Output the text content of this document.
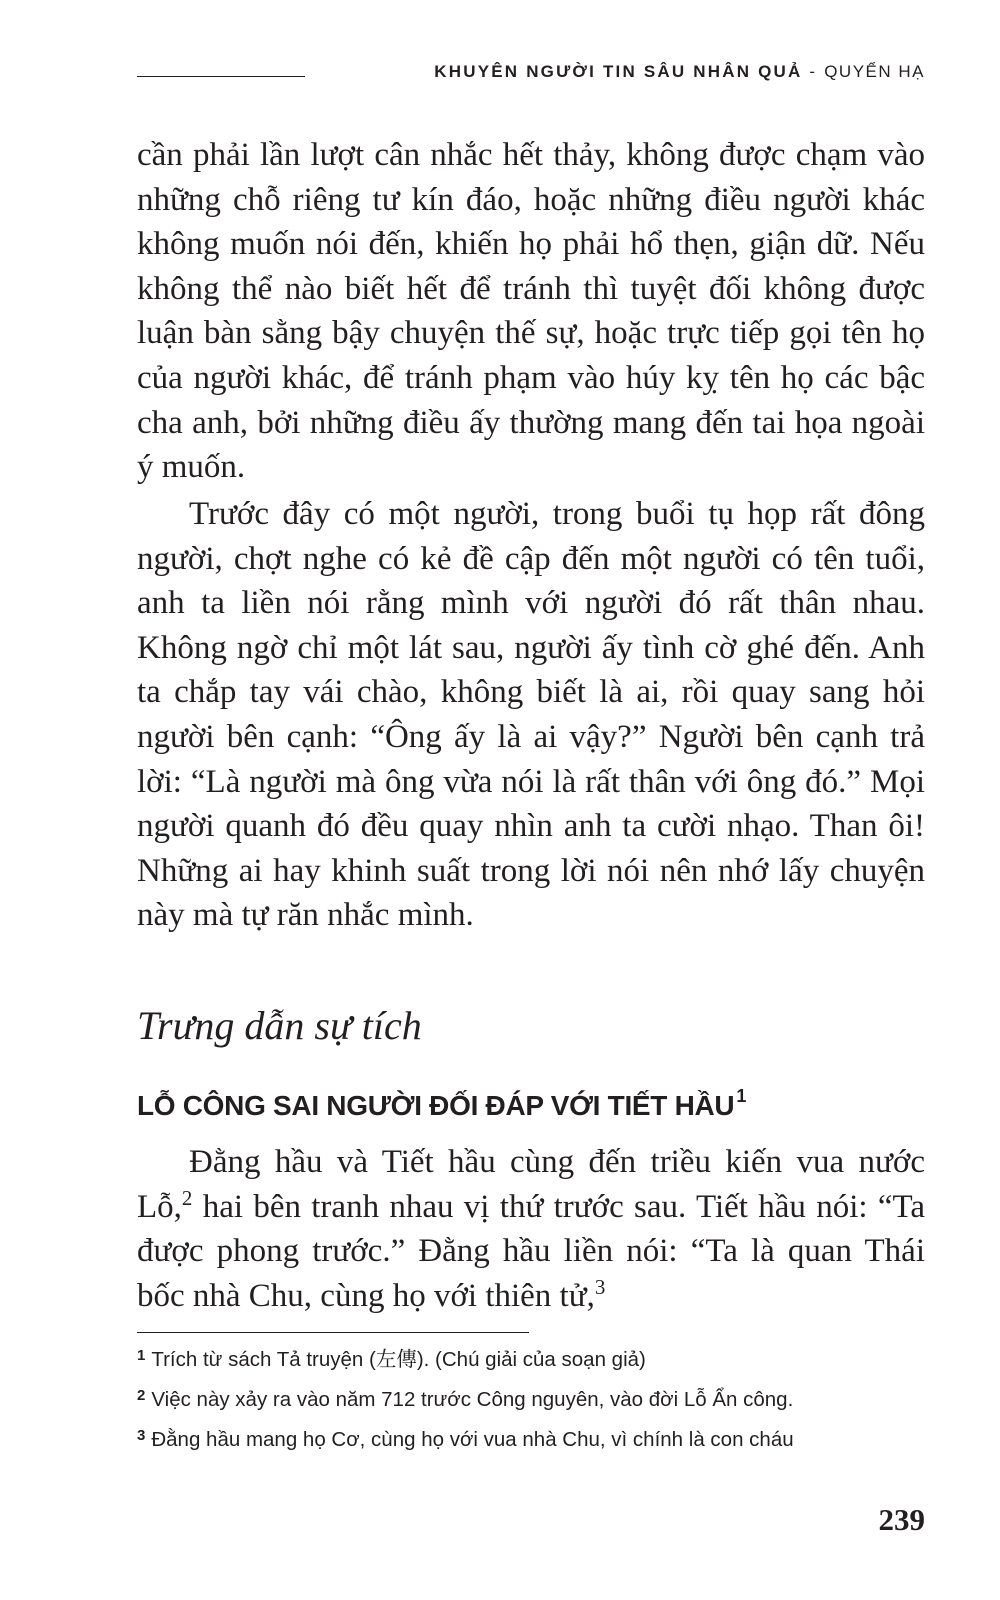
KHUYÊN NGƯỜI TIN SÂU NHÂN QUẢ - QUYỂN HẠ

cần phải lần lượt cân nhắc hết thảy, không được chạm vào những chỗ riêng tư kín đáo, hoặc những điều người khác không muốn nói đến, khiến họ phải hổ thẹn, giận dữ. Nếu không thể nào biết hết để tránh thì tuyệt đối không được luận bàn sằng bậy chuyện thế sự, hoặc trực tiếp gọi tên họ của người khác, để tránh phạm vào húy kỵ tên họ các bậc cha anh, bởi những điều ấy thường mang đến tai họa ngoài ý muốn.

Trước đây có một người, trong buổi tụ họp rất đông người, chợt nghe có kẻ đề cập đến một người có tên tuổi, anh ta liền nói rằng mình với người đó rất thân nhau. Không ngờ chỉ một lát sau, người ấy tình cờ ghé đến. Anh ta chắp tay vái chào, không biết là ai, rồi quay sang hỏi người bên cạnh: “Ông ấy là ai vậy?” Người bên cạnh trả lời: “Là người mà ông vừa nói là rất thân với ông đó.” Mọi người quanh đó đều quay nhìn anh ta cười nhạo. Than ôi! Những ai hay khinh suất trong lời nói nên nhớ lấy chuyện này mà tự răn nhắc mình.

Trưng dẫn sự tích
LỖ CÔNG SAI NGƯỜI ĐỐI ĐÁP VỚI TIẾT HẦU $^1$

Đằng hầu và Tiết hầu cùng đến triều kiến vua nước Lỗ,$^2$ hai bên tranh nhau vị thứ trước sau. Tiết hầu nói: “Ta được phong trước.” Đằng hầu liền nói: “Ta là quan Thái bốc nhà Chu, cùng họ với thiên tử,$^3$

$^1$ Trích từ sách Tả truyện (左傳). (Chú giải của soạn giả)
$^2$ Việc này xảy ra vào năm 712 trước Công nguyên, vào đời Lỗ Ẩn công.
$^3$ Đằng hầu mang họ Cơ, cùng họ với vua nhà Chu, vì chính là con cháu
239
